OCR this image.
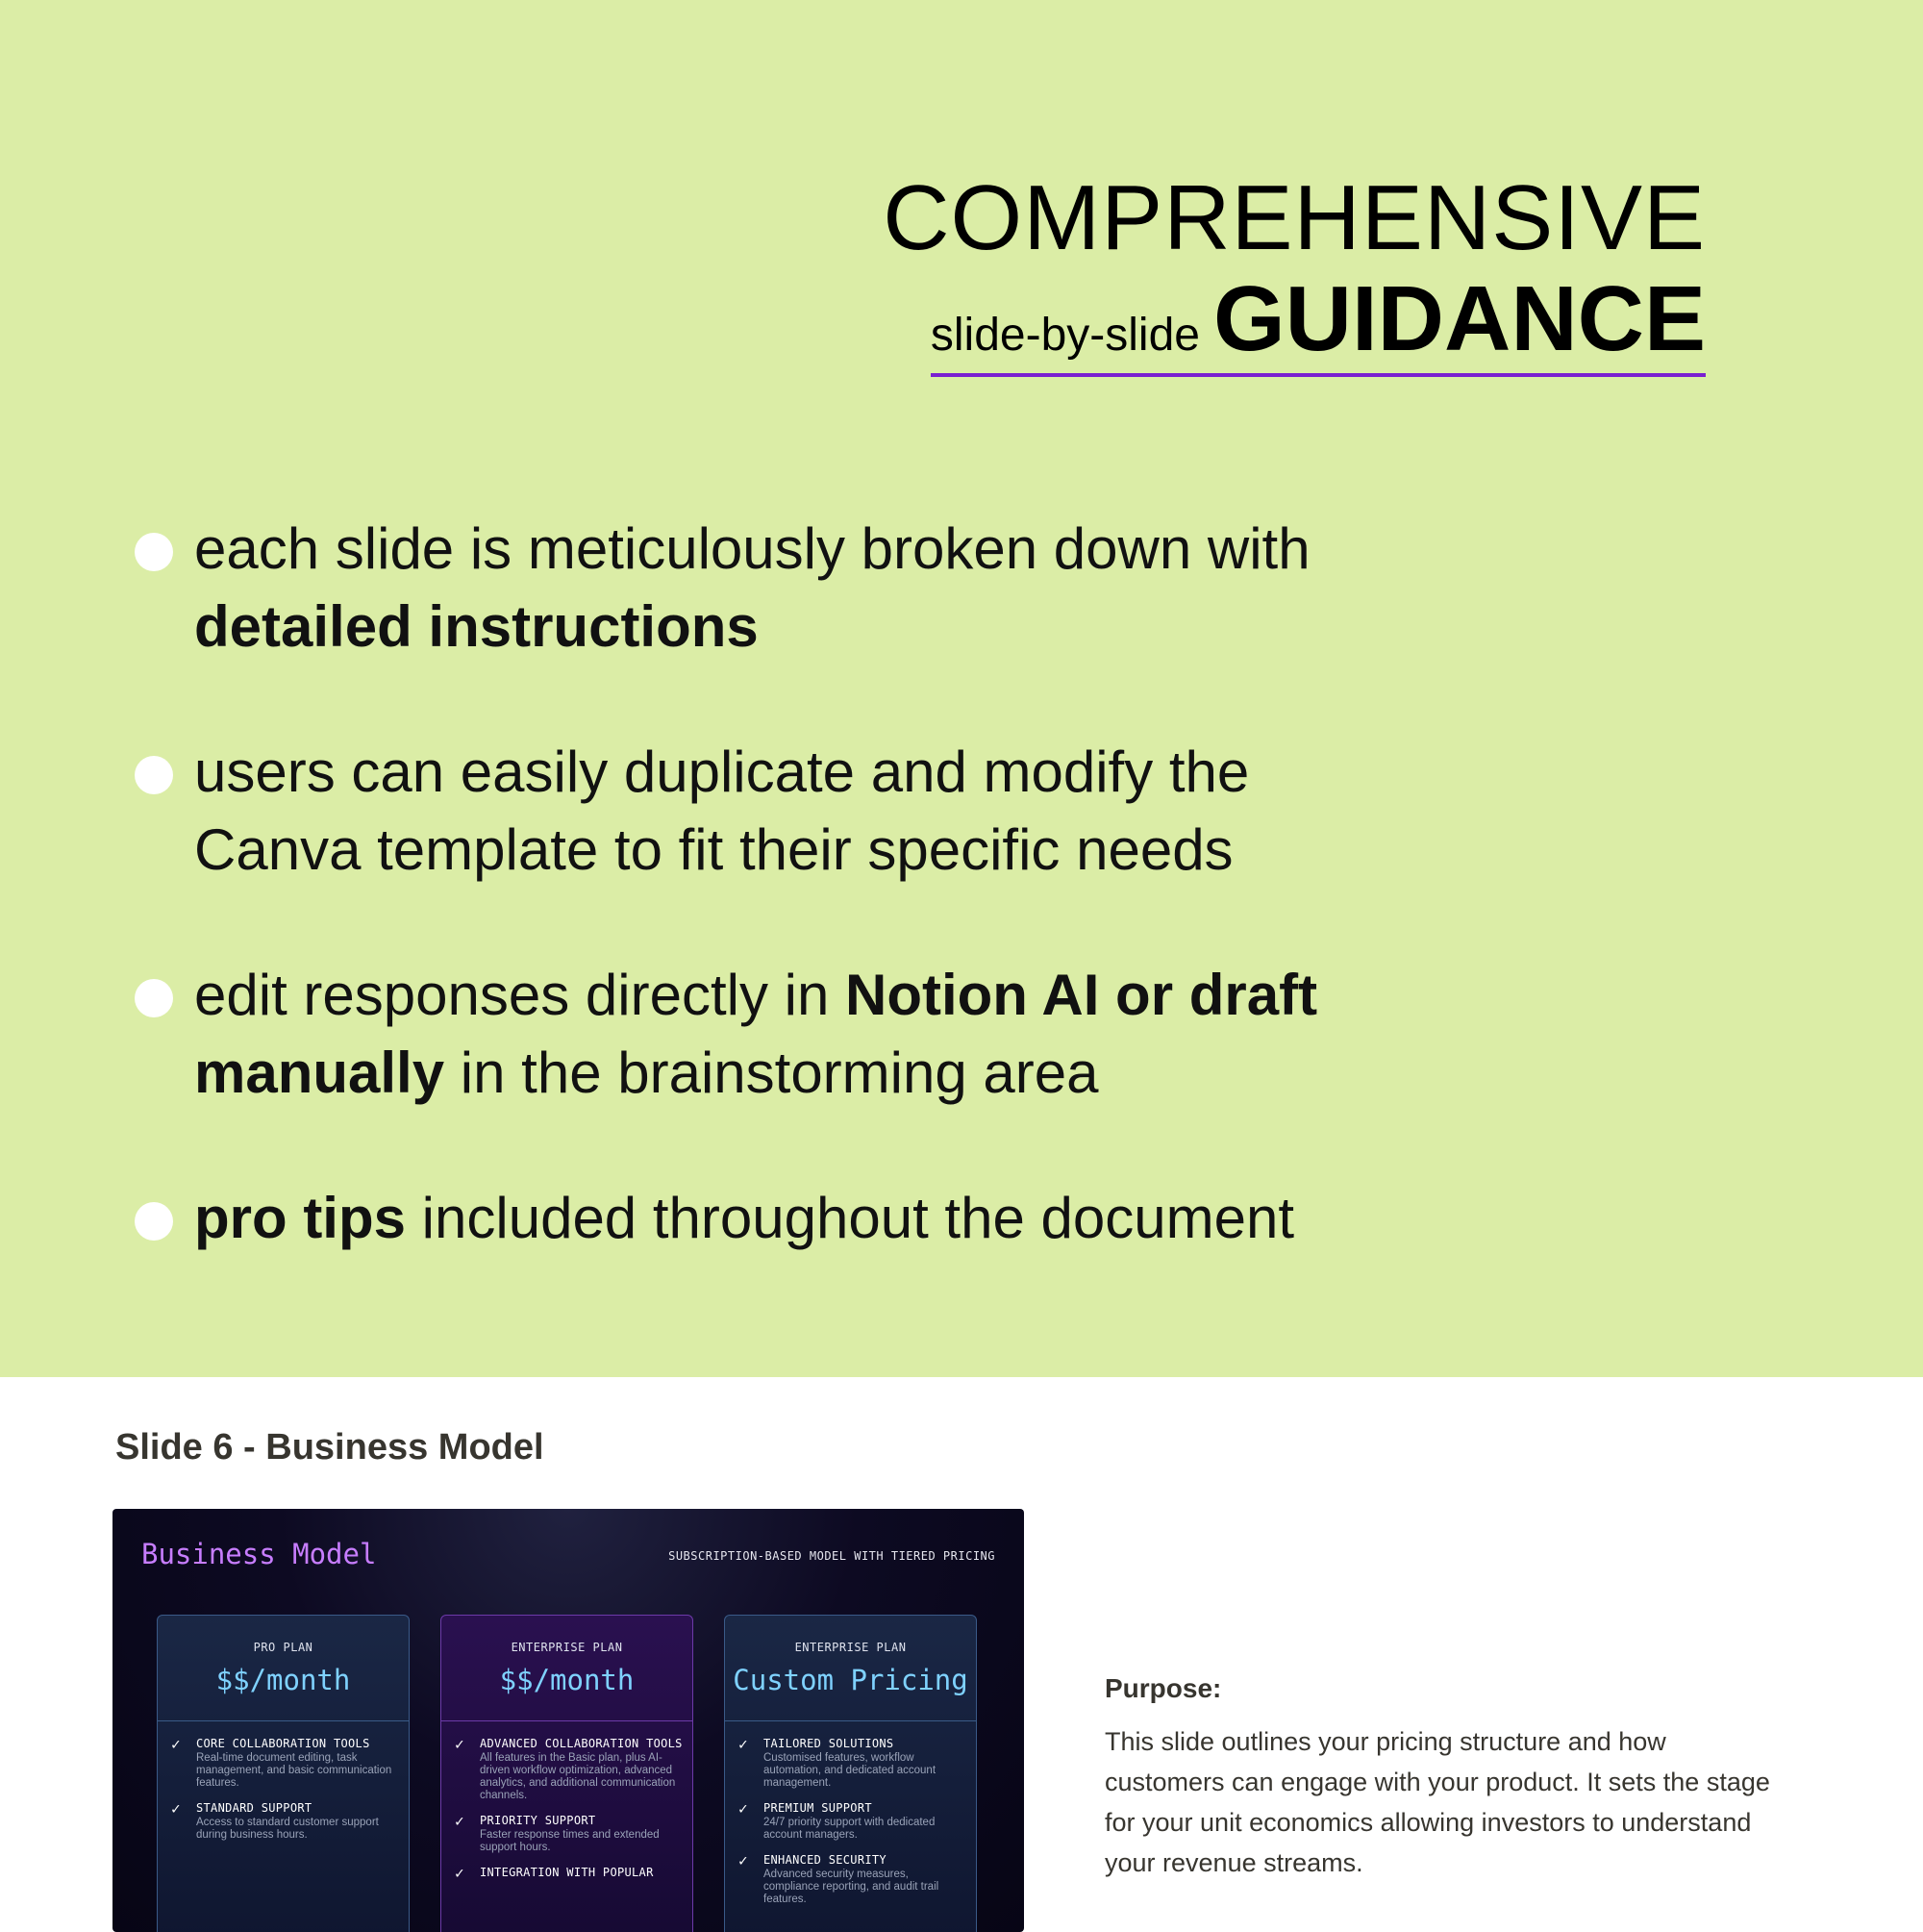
COMPREHENSIVE
slide-by-slide GUIDANCE
each slide is meticulously broken down with detailed instructions
users can easily duplicate and modify the Canva template to fit their specific needs
edit responses directly in Notion AI or draft manually in the brainstorming area
pro tips included throughout the document
Slide 6 - Business Model
Business Model	SUBSCRIPTION-BASED MODEL WITH TIERED PRICING
PRO PLAN
$$/month
✓ CORE COLLABORATION TOOLS
Real-time document editing, task management, and basic communication features.
✓ STANDARD SUPPORT
Access to standard customer support during business hours.
ENTERPRISE PLAN
$$/month
✓ ADVANCED COLLABORATION TOOLS
All features in the Basic plan, plus AI-driven workflow optimization, advanced analytics, and additional communication channels.
✓ PRIORITY SUPPORT
Faster response times and extended support hours.
✓ INTEGRATION WITH POPULAR
ENTERPRISE PLAN
Custom Pricing
✓ TAILORED SOLUTIONS
Customised features, workflow automation, and dedicated account management.
✓ PREMIUM SUPPORT
24/7 priority support with dedicated account managers.
✓ ENHANCED SECURITY
Advanced security measures, compliance reporting, and audit trail features.
Purpose:
This slide outlines your pricing structure and how customers can engage with your product. It sets the stage for your unit economics allowing investors to understand your revenue streams.
